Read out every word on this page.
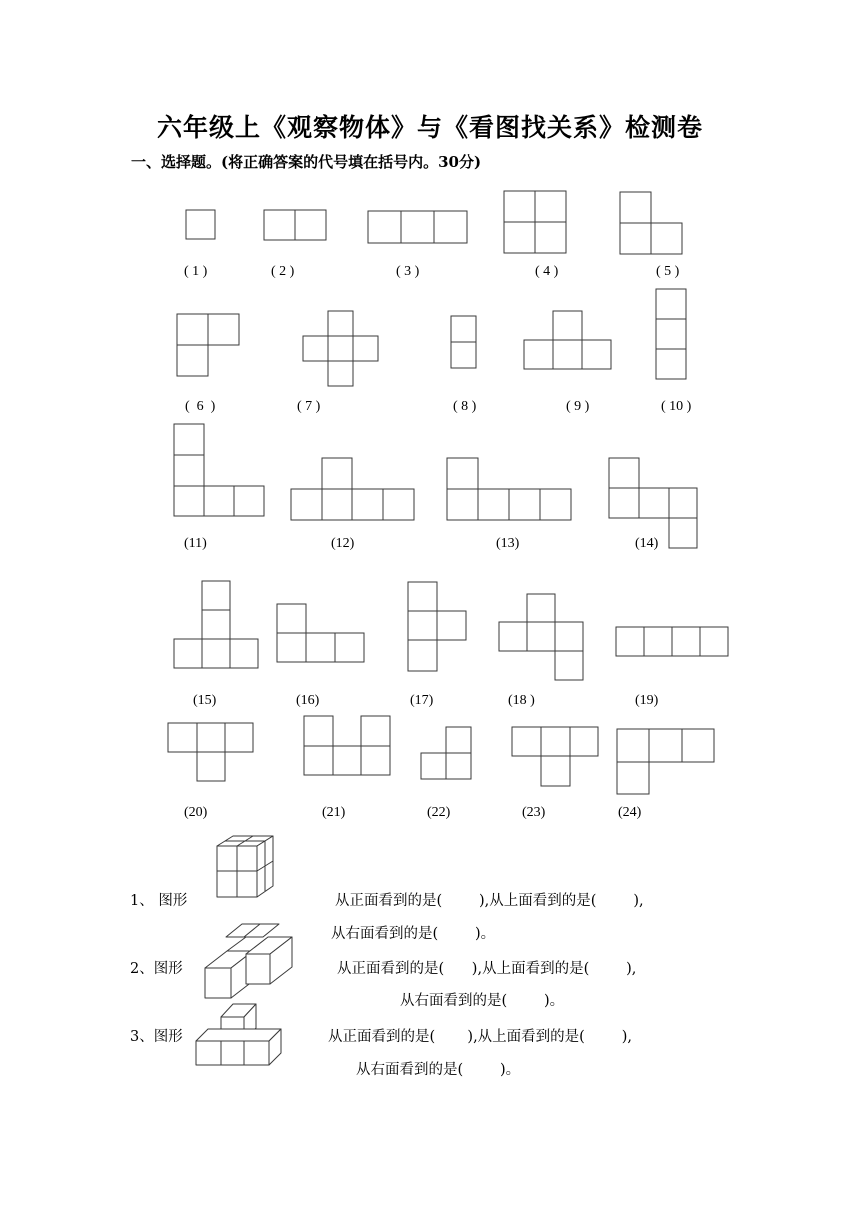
六年级上《观察物体》与《看图找关系》检测卷
一、选择题。(将正确答案的代号填在括号内。30分)
( 1 )	( 2 )	( 3 )	( 4 )	( 5 )
(  6  )	( 7 )	( 8 )	( 9 )	( 10 )
(11)	(12)	(13)	(14)
(15)	(16)	(17)	(18 )	(19)
(20)	(21)	(22)	(23)	(24)
1、 图形	从正面看到的是(        ),从上面看到的是(        ),
从右面看到的是(        )。
2、图形	从正面看到的是(      ),从上面看到的是(        ),
从右面看到的是(        )。
3、图形	从正面看到的是(       ),从上面看到的是(        ),
从右面看到的是(        )。
